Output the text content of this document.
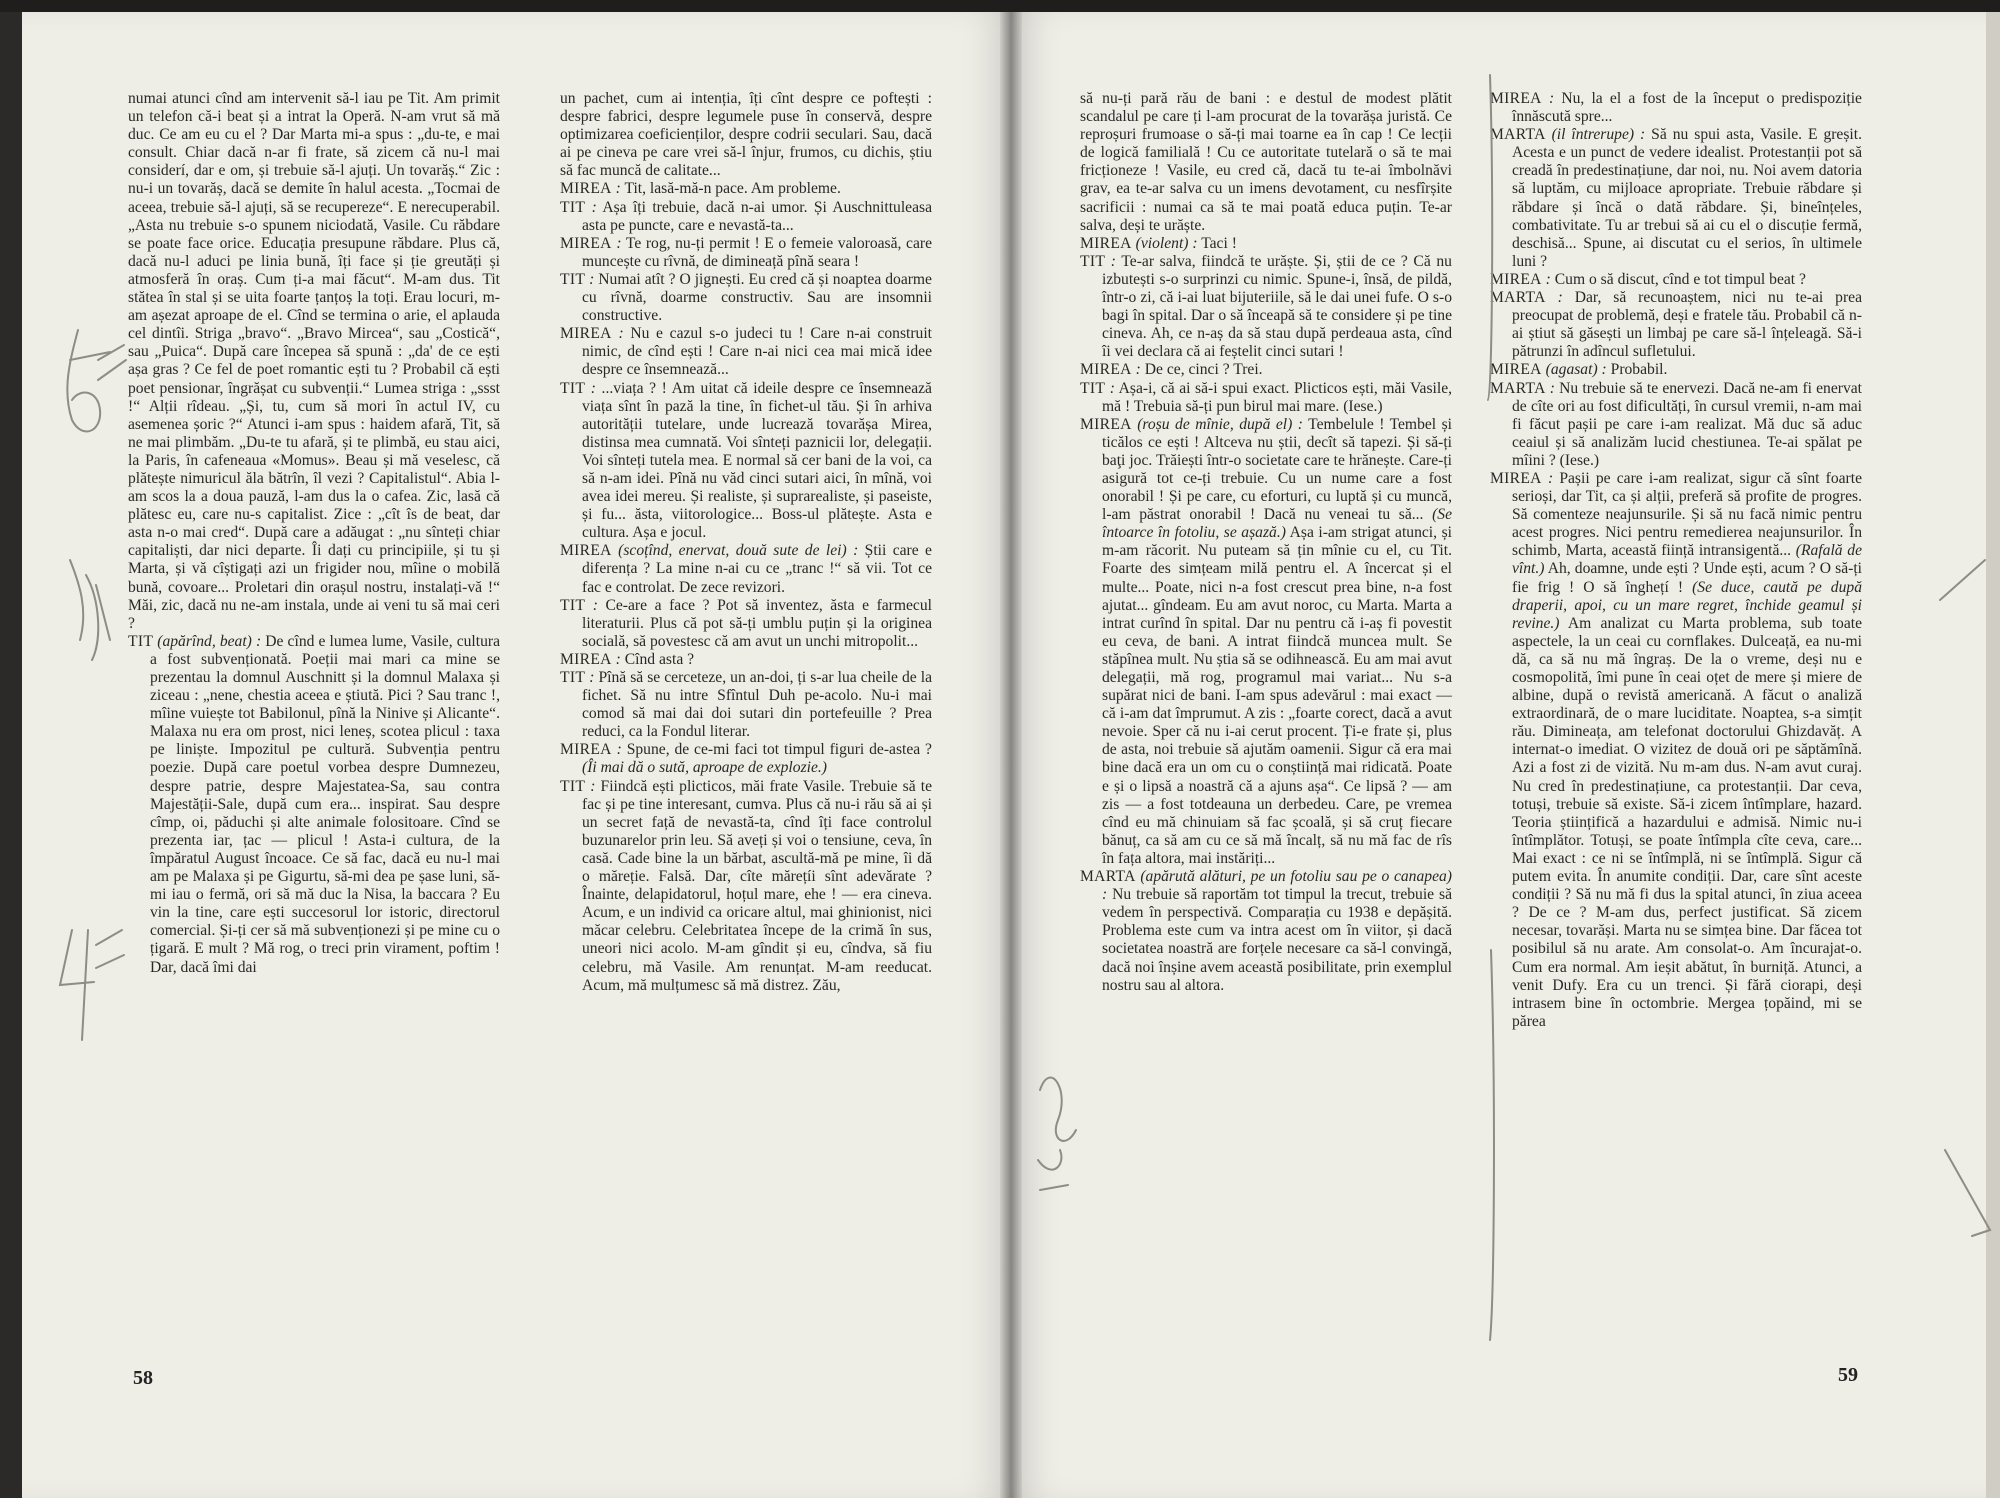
numai atunci cînd am intervenit să-l iau pe Tit. Am primit un telefon că-i beat și a intrat la Operă. N-am vrut să mă duc. Ce am eu cu el ? Dar Marta mi-a spus : „du-te, e mai consult. Chiar dacă n-ar fi frate, să zicem că nu-l mai considerí, dar e om, și trebuie să-l ajuți. Un tovarăș.“ Zic : nu-i un tovarăș, dacă se demite în halul acesta. „Tocmai de aceea, trebuie să-l ajuți, să se recupereze“. E nerecuperabil. „Asta nu trebuie s-o spunem niciodată, Vasile. Cu răbdare se poate face orice. Educația presupune răbdare. Plus că, dacă nu-l aduci pe linia bună, îți face și ție greutăți și atmosferă în oraș. Cum ți-a mai făcut“. M-am dus. Tit stătea în stal și se uita foarte țanțoș la toți. Erau locuri, m-am așezat aproape de el. Cînd se termina o arie, el aplauda cel dintîi. Striga „bravo“. „Bravo Mircea“, sau „Costică“, sau „Puica“. După care începea să spună : „da' de ce ești așa gras ? Ce fel de poet romantic ești tu ? Probabil că ești poet pensionar, îngrășat cu subvenții.“ Lumea striga : „ssst !“ Alții rîdeau. „Și, tu, cum să mori în actul IV, cu asemenea șoric ?“ Atunci i-am spus : haidem afară, Tit, să ne mai plimbăm. „Du-te tu afară, și te plimbă, eu stau aici, la Paris, în cafeneaua «Momus». Beau și mă veselesc, că plătește nimuricul ăla bătrîn, îl vezi ? Capitalistul“. Abia l-am scos la a doua pauză, l-am dus la o cafea. Zic, lasă că plătesc eu, care nu-s capitalist. Zice : „cît îs de beat, dar asta n-o mai cred“. După care a adăugat : „nu sînteți chiar capitaliști, dar nici departe. Îi dați cu principiile, și tu și Marta, și vă cîștigați azi un frigider nou, mîine o mobilă bună, covoare... Proletari din orașul nostru, instalați-vă !“ Măi, zic, dacă nu ne-am instala, unde ai veni tu să mai ceri ?

TIT (apărînd, beat) : De cînd e lumea lume, Vasile, cultura a fost subvenționată. Poeții mai mari ca mine se prezentau la domnul Auschnitt și la domnul Malaxa și ziceau : „nene, chestia aceea e știută. Pici ? Sau tranc !, mîine vuiește tot Babilonul, pînă la Ninive și Alicante“. Malaxa nu era om prost, nici leneș, scotea plicul : taxa pe liniște. Impozitul pe cultură. Subvenția pentru poezie. După care poetul vorbea despre Dumnezeu, despre patrie, despre Majestatea-Sa, sau contra Majestății-Sale, după cum era... inspirat. Sau despre cîmp, oi, păduchi și alte animale folositoare. Cînd se prezenta iar, țac — plicul ! Asta-i cultura, de la împăratul August încoace. Ce să fac, dacă eu nu-l mai am pe Malaxa și pe Gigurtu, să-mi dea pe șase luni, să-mi iau o fermă, ori să mă duc la Nisa, la baccara ? Eu vin la tine, care ești succesorul lor istoric, directorul comercial. Și-ți cer să mă subvenționezi și pe mine cu o țigară. E mult ? Mă rog, o treci prin virament, poftim ! Dar, dacă îmi dai

un pachet, cum ai intenția, îți cînt despre ce poftești : despre fabrici, despre legumele puse în conservă, despre optimizarea coeficienților, despre codrii seculari. Sau, dacă ai pe cineva pe care vrei să-l înjur, frumos, cu dichis, știu să fac muncă de calitate...

MIREA : Tit, lasă-mă-n pace. Am probleme.

TIT : Așa îți trebuie, dacă n-ai umor. Și Auschnittuleasa asta pe puncte, care e nevastă-ta...

MIREA : Te rog, nu-ți permit ! E o femeie valoroasă, care muncește cu rîvnă, de dimineață pînă seara !

TIT : Numai atît ? O jignești. Eu cred că și noaptea doarme cu rîvnă, doarme constructiv. Sau are insomnii constructive.

MIREA : Nu e cazul s-o judeci tu ! Care n-ai construit nimic, de cînd ești ! Care n-ai nici cea mai mică idee despre ce însemnează...

TIT : ...viața ? ! Am uitat că ideile despre ce însemnează viața sînt în pază la tine, în fichet-ul tău. Și în arhiva autorității tutelare, unde lucrează tovarășa Mirea, distinsa mea cumnată. Voi sînteți paznicii lor, delegații. Voi sînteți tutela mea. E normal să cer bani de la voi, ca să n-am idei. Pînă nu văd cinci sutari aici, în mînă, voi avea idei mereu. Și realiste, și suprarealiste, și paseiste, și fu... ăsta, viitorologice... Boss-ul plătește. Asta e cultura. Așa e jocul.

MIREA (scoțînd, enervat, două sute de lei) : Știi care e diferența ? La mine n-ai cu ce „tranc !“ să vii. Tot ce fac e controlat. De zece revizori.

TIT : Ce-are a face ? Pot să inventez, ăsta e farmecul literaturii. Plus că pot să-ți umblu puțin și la originea socială, să povestesc că am avut un unchi mitropolit...

MIREA : Cînd asta ?

TIT : Pînă să se cerceteze, un an-doi, ți s-ar lua cheile de la fichet. Să nu intre Sfîntul Duh pe-acolo. Nu-i mai comod să mai dai doi sutari din portefeuille ? Prea reduci, ca la Fondul literar.

MIREA : Spune, de ce-mi faci tot timpul figuri de-astea ? (Îi mai dă o sută, aproape de explozie.)

TIT : Fiindcă ești plicticos, măi frate Vasile. Trebuie să te fac și pe tine interesant, cumva. Plus că nu-i rău să ai și un secret față de nevastă-ta, cînd îți face controlul buzunarelor prin leu. Să aveți și voi o tensiune, ceva, în casă. Cade bine la un bărbat, ascultă-mă pe mine, îi dă o măreție. Falsă. Dar, cîte mărețíi sînt adevărate ? Înainte, delapidatorul, hoțul mare, ehe ! — era cineva. Acum, e un individ ca oricare altul, mai ghinionist, nici măcar celebru. Celebritatea începe de la crimă în sus, uneori nici acolo. M-am gîndit și eu, cîndva, să fiu celebru, mă Vasile. Am renunțat. M-am reeducat. Acum, mă mulțumesc să mă distrez. Zău,

să nu-ți pară rău de bani : e destul de modest plătit scandalul pe care ți l-am procurat de la tovarășa juristă. Ce reproșuri frumoase o să-ți mai toarne ea în cap ! Ce lecții de logică familială ! Cu ce autoritate tutelară o să te mai fricționeze ! Vasile, eu cred că, dacă tu te-ai îmbolnăvi grav, ea te-ar salva cu un imens devotament, cu nesfîrșite sacrificii : numai ca să te mai poată educa puțin. Te-ar salva, deși te urăște.

MIREA (violent) : Taci !

TIT : Te-ar salva, fiindcă te urăște. Și, știi de ce ? Că nu izbutești s-o surprinzi cu nimic. Spune-i, însă, de pildă, într-o zi, că i-ai luat bijuteriile, să le dai unei fufe. O s-o bagi în spital. Dar o să înceapă să te considere și pe tine cineva. Ah, ce n-aș da să stau după perdeaua asta, cînd îi vei declara că ai feștelit cinci sutari !

MIREA : De ce, cinci ? Trei.

TIT : Așa-i, că ai să-i spui exact. Plicticos ești, măi Vasile, mă ! Trebuia să-ți pun birul mai mare. (Iese.)

MIREA (roșu de mînie, după el) : Tembelule ! Tembel și ticălos ce ești ! Altceva nu știi, decît să tapezi. Și să-ți baţi joc. Trăiești într-o societate care te hrănește. Care-ți asigură tot ce-ți trebuie. Cu un nume care a fost onorabil ! Și pe care, cu eforturi, cu luptă și cu muncă, l-am păstrat onorabil ! Dacă nu veneai tu să... (Se întoarce în fotoliu, se așază.) Așa i-am strigat atunci, și m-am răcorit. Nu puteam să țin mînie cu el, cu Tit. Foarte des simțeam milă pentru el. A încercat și el multe... Poate, nici n-a fost crescut prea bine, n-a fost ajutat... gîndeam. Eu am avut noroc, cu Marta. Marta a intrat curînd în spital. Dar nu pentru că i-aș fi povestit eu ceva, de bani. A intrat fiindcă muncea mult. Se stăpînea mult. Nu știa să se odihnească. Eu am mai avut delegații, mă rog, programul mai variat... Nu s-a supărat nici de bani. I-am spus adevărul : mai exact — că i-am dat împrumut. A zis : „foarte corect, dacă a avut nevoie. Sper că nu i-ai cerut procent. Ți-e frate și, plus de asta, noi trebuie să ajutăm oamenii. Sigur că era mai bine dacă era un om cu o conștiință mai ridicată. Poate e și o lipsă a noastră că a ajuns așa“. Ce lipsă ? — am zis — a fost totdeauna un derbedeu. Care, pe vremea cînd eu mă chinuiam să fac școală, și să cruț fiecare bănuț, ca să am cu ce să mă încalț, să nu mă fac de rîs în fața altora, mai instăriți...

MARTA (apărută alături, pe un fotoliu sau pe o canapea) : Nu trebuie să raportăm tot timpul la trecut, trebuie să vedem în perspectivă. Comparația cu 1938 e depășită. Problema este cum va intra acest om în viitor, și dacă societatea noastră are forțele necesare ca să-l convingă, dacă noi înșine avem această posibilitate, prin exemplul nostru sau al altora.

MIREA : Nu, la el a fost de la început o predispoziție înnăscută spre...

MARTA (il întrerupe) : Să nu spui asta, Vasile. E greșit. Acesta e un punct de vedere idealist. Protestanții pot să creadă în predestinațiune, dar noi, nu. Noi avem datoria să luptăm, cu mijloace apropriate. Trebuie răbdare și răbdare și încă o dată răbdare. Și, bineînțeles, combativitate. Tu ar trebui să ai cu el o discuție fermă, deschisă... Spune, ai discutat cu el serios, în ultimele luni ?

MIREA : Cum o să discut, cînd e tot timpul beat ?

MARTA : Dar, să recunoaștem, nici nu te-ai prea preocupat de problemă, deși e fratele tău. Probabil că n-ai știut să găsești un limbaj pe care să-l înțeleagă. Să-i pătrunzi în adîncul sufletului.

MIREA (agasat) : Probabil.

MARTA : Nu trebuie să te enervezi. Dacă ne-am fi enervat de cîte ori au fost dificultăți, în cursul vremii, n-am mai fi făcut pașii pe care i-am realizat. Mă duc să aduc ceaiul și să analizăm lucid chestiunea. Te-ai spălat pe mîini ? (Iese.)

MIREA : Pașii pe care i-am realizat, sigur că sînt foarte serioși, dar Tit, ca și alții, preferă să profite de progres. Să comenteze neajunsurile. Și să nu facă nimic pentru acest progres. Nici pentru remedierea neajunsurilor. În schimb, Marta, această ființă intransigentă... (Rafală de vînt.) Ah, doamne, unde ești ? Unde ești, acum ? O să-ți fie frig ! O să înghețí ! (Se duce, caută pe după draperii, apoi, cu un mare regret, închide geamul și revine.) Am analizat cu Marta problema, sub toate aspectele, la un ceai cu cornflakes. Dulceață, ea nu-mi dă, ca să nu mă îngraș. De la o vreme, deși nu e cosmopolită, îmi pune în ceai oțet de mere și miere de albine, după o revistă americană. A făcut o analiză extraordinară, de o mare luciditate. Noaptea, s-a simțit rău. Dimineața, am telefonat doctorului Ghizdavăț. A internat-o imediat. O vizitez de două ori pe săptămînă. Azi a fost zi de vizită. Nu m-am dus. N-am avut curaj. Nu cred în predestinațiune, ca protestanții. Dar ceva, totuși, trebuie să existe. Să-i zicem întîmplare, hazard. Teoria științifică a hazardului e admisă. Nimic nu-i întîmplător. Totuși, se poate întîmpla cîte ceva, care... Mai exact : ce ni se întîmplă, ni se întîmplă. Sigur că putem evita. În anumite condiții. Dar, care sînt aceste condiții ? Să nu mă fi dus la spital atunci, în ziua aceea ? De ce ? M-am dus, perfect justificat. Să zicem necesar, tovarăși. Marta nu se simțea bine. Dar făcea tot posibilul să nu arate. Am consolat-o. Am încurajat-o. Cum era normal. Am ieșit abătut, în burniță. Atunci, a venit Dufy. Era cu un trenci. Și fără ciorapi, deși intrasem bine în octombrie. Mergea țopăind, mi se părea

58	59
